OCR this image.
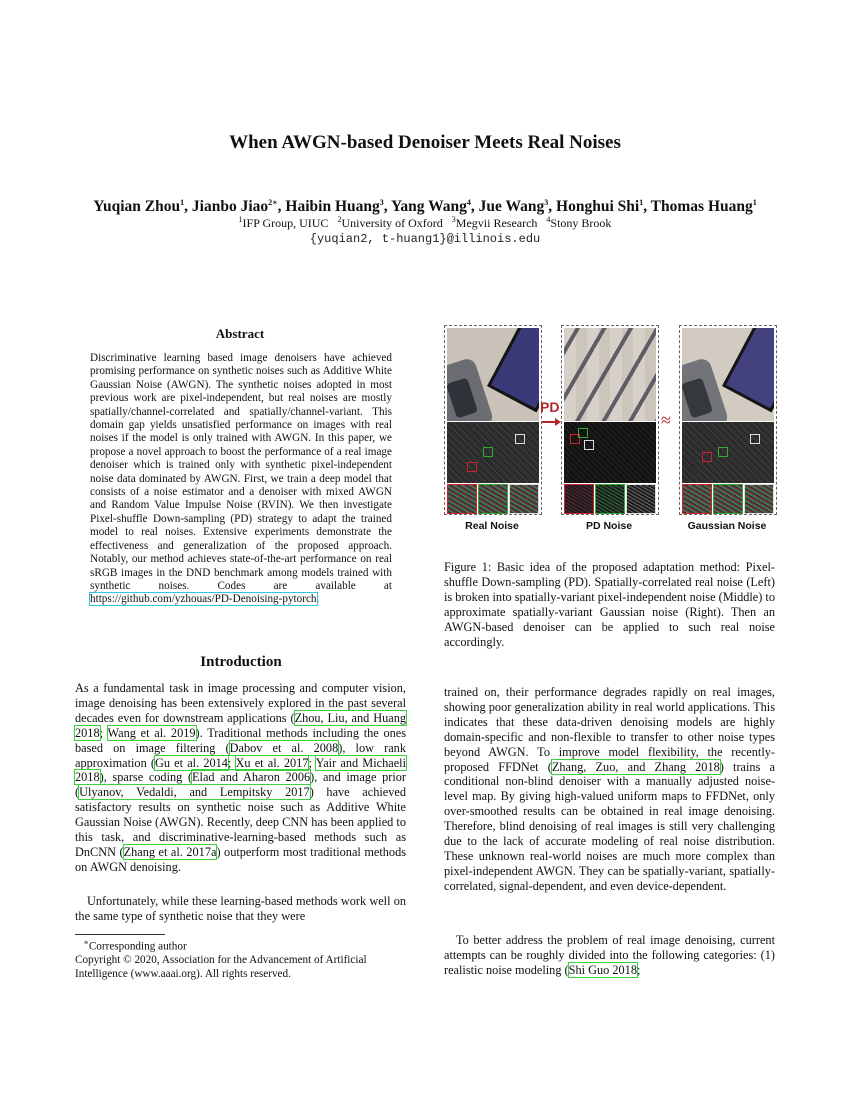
When AWGN-based Denoiser Meets Real Noises
Yuqian Zhou$^1$, Jianbo Jiao$^{2∗}$, Haibin Huang$^3$, Yang Wang$^4$, Jue Wang$^3$, Honghui Shi$^1$, Thomas Huang$^1$
$^1$IFP Group, UIUC $^2$University of Oxford $^3$Megvii Research $^4$Stony Brook
{yuqian2, t-huang1}@illinois.edu
Abstract
Discriminative learning based image denoisers have achieved promising performance on synthetic noises such as Additive White Gaussian Noise (AWGN). The synthetic noises adopted in most previous work are pixel-independent, but real noises are mostly spatially/channel-correlated and spatially/channel-variant. This domain gap yields unsatisfied performance on images with real noises if the model is only trained with AWGN. In this paper, we propose a novel approach to boost the performance of a real image denoiser which is trained only with synthetic pixel-independent noise data dominated by AWGN. First, we train a deep model that consists of a noise estimator and a denoiser with mixed AWGN and Random Value Impulse Noise (RVIN). We then investigate Pixel-shuffle Down-sampling (PD) strategy to adapt the trained model to real noises. Extensive experiments demonstrate the effectiveness and generalization of the proposed approach. Notably, our method achieves state-of-the-art performance on real sRGB images in the DND benchmark among models trained with synthetic noises. Codes are available at https://github.com/yzhouas/PD-Denoising-pytorch.
Introduction
As a fundamental task in image processing and computer vision, image denoising has been extensively explored in the past several decades even for downstream applications (Zhou, Liu, and Huang 2018; Wang et al. 2019). Traditional methods including the ones based on image filtering (Dabov et al. 2008), low rank approximation (Gu et al. 2014; Xu et al. 2017; Yair and Michaeli 2018), sparse coding (Elad and Aharon 2006), and image prior (Ulyanov, Vedaldi, and Lempitsky 2017) have achieved satisfactory results on synthetic noise such as Additive White Gaussian Noise (AWGN). Recently, deep CNN has been applied to this task, and discriminative-learning-based methods such as DnCNN (Zhang et al. 2017a) outperform most traditional methods on AWGN denoising.
Unfortunately, while these learning-based methods work well on the same type of synthetic noise that they were
∗Corresponding author
Copyright © 2020, Association for the Advancement of Artificial Intelligence (www.aaai.org). All rights reserved.
PD
≈
Real Noise	PD Noise	Gaussian Noise
Figure 1: Basic idea of the proposed adaptation method: Pixel-shuffle Down-sampling (PD). Spatially-correlated real noise (Left) is broken into spatially-variant pixel-independent noise (Middle) to approximate spatially-variant Gaussian noise (Right). Then an AWGN-based denoiser can be applied to such real noise accordingly.
trained on, their performance degrades rapidly on real images, showing poor generalization ability in real world applications. This indicates that these data-driven denoising models are highly domain-specific and non-flexible to transfer to other noise types beyond AWGN. To improve model flexibility, the recently-proposed FFDNet (Zhang, Zuo, and Zhang 2018) trains a conditional non-blind denoiser with a manually adjusted noise-level map. By giving high-valued uniform maps to FFDNet, only over-smoothed results can be obtained in real image denoising. Therefore, blind denoising of real images is still very challenging due to the lack of accurate modeling of real noise distribution. These unknown real-world noises are much more complex than pixel-independent AWGN. They can be spatially-variant, spatially-correlated, signal-dependent, and even device-dependent.
To better address the problem of real image denoising, current attempts can be roughly divided into the following categories: (1) realistic noise modeling (Shi Guo 2018;
